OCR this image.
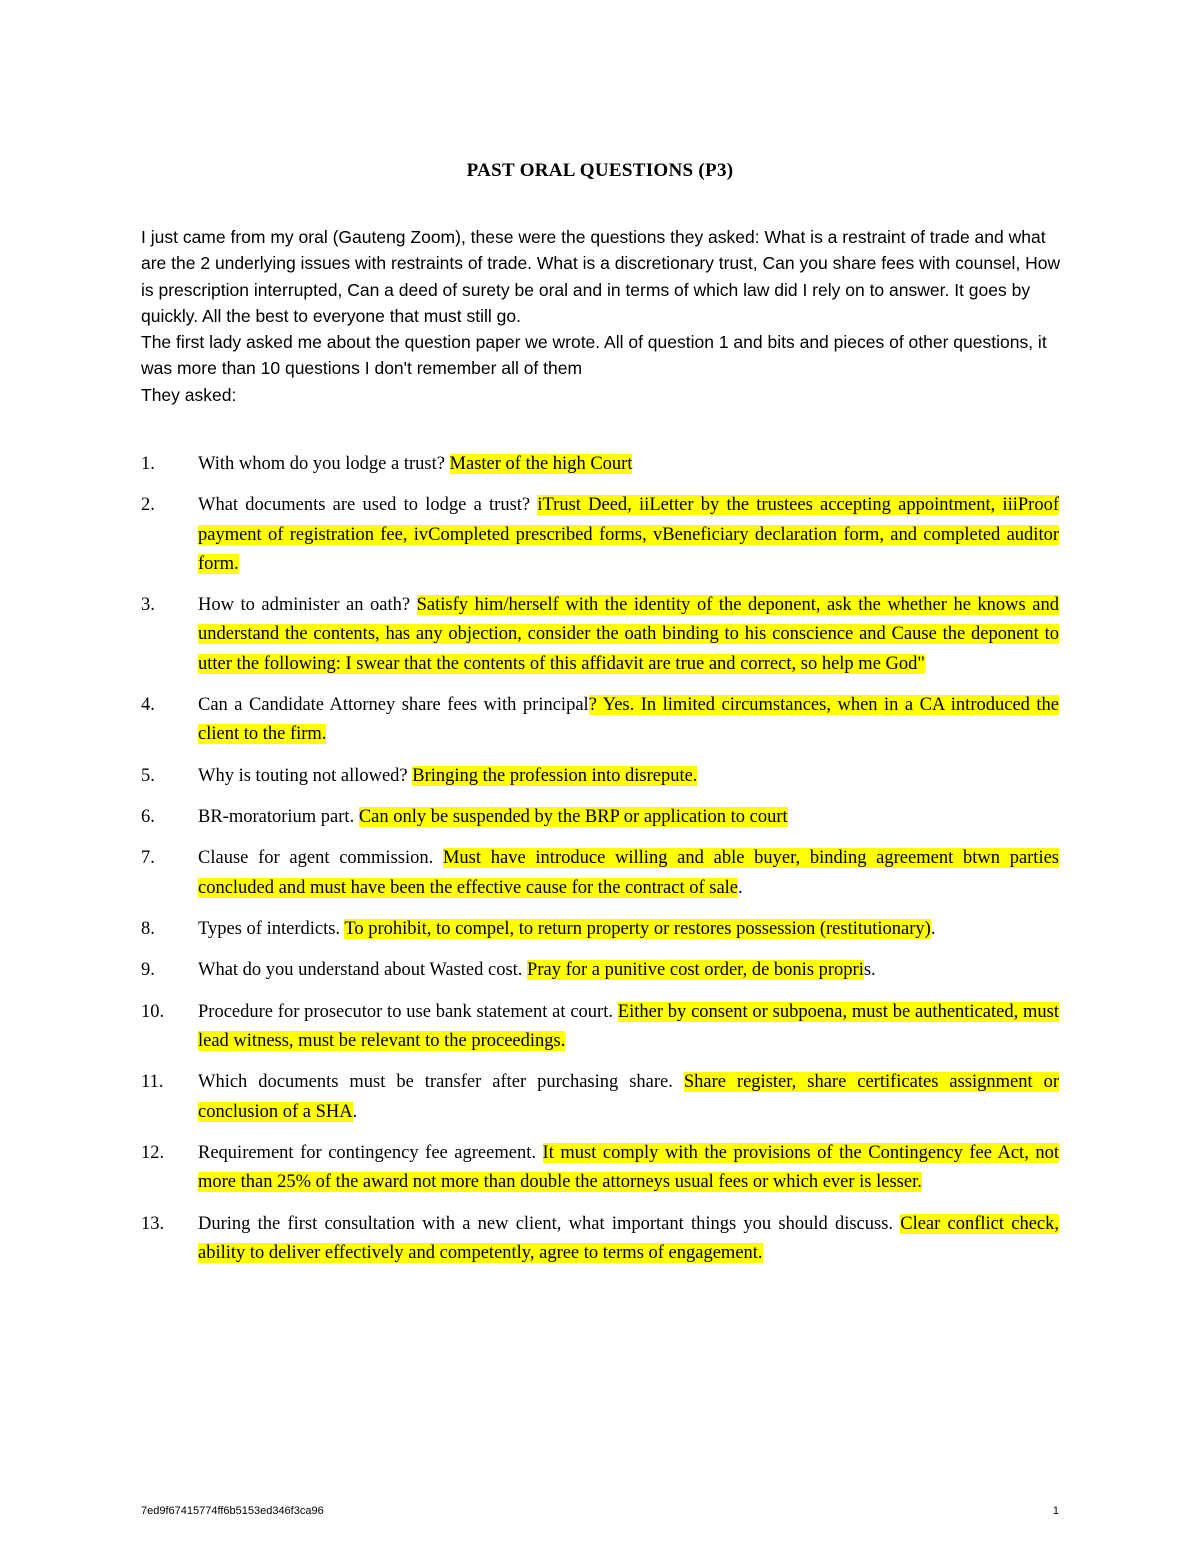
PAST ORAL QUESTIONS (P3)

I just came from my oral (Gauteng Zoom), these were the questions they asked: What is a restraint of trade and what are the 2 underlying issues with restraints of trade. What is a discretionary trust, Can you share fees with counsel, How is prescription interrupted, Can a deed of surety be oral and in terms of which law did I rely on to answer. It goes by quickly. All the best to everyone that must still go.

The first lady asked me about the question paper we wrote. All of question 1 and bits and pieces of other questions, it was more than 10 questions I don't remember all of them

They asked:

1.	With whom do you lodge a trust? Master of the high Court
2.	What documents are used to lodge a trust? iTrust Deed, iiLetter by the trustees accepting appointment, iiiProof payment of registration fee, ivCompleted prescribed forms, vBeneficiary declaration form, and completed auditor form.
3.	How to administer an oath? Satisfy him/herself with the identity of the deponent, ask the whether he knows and understand the contents, has any objection, consider the oath binding to his conscience and Cause the deponent to utter the following: I swear that the contents of this affidavit are true and correct, so help me God"
4.	Can a Candidate Attorney share fees with principal? Yes. In limited circumstances, when in a CA introduced the client to the firm.
5.	Why is touting not allowed? Bringing the profession into disrepute.
6.	BR-moratorium part. Can only be suspended by the BRP or application to court
7.	Clause for agent commission. Must have introduce willing and able buyer, binding agreement btwn parties concluded and must have been the effective cause for the contract of sale.
8.	Types of interdicts. To prohibit, to compel, to return property or restores possession (restitutionary).
9.	What do you understand about Wasted cost. Pray for a punitive cost order, de bonis propris.
10.	Procedure for prosecutor to use bank statement at court. Either by consent or subpoena, must be authenticated, must lead witness, must be relevant to the proceedings.
11.	Which documents must be transfer after purchasing share. Share register, share certificates assignment or conclusion of a SHA.
12.	Requirement for contingency fee agreement. It must comply with the provisions of the Contingency fee Act, not more than 25% of the award not more than double the attorneys usual fees or which ever is lesser.
13.	During the first consultation with a new client, what important things you should discuss. Clear conflict check, ability to deliver effectively and competently, agree to terms of engagement.
7ed9f67415774ff6b5153ed346f3ca96	1
